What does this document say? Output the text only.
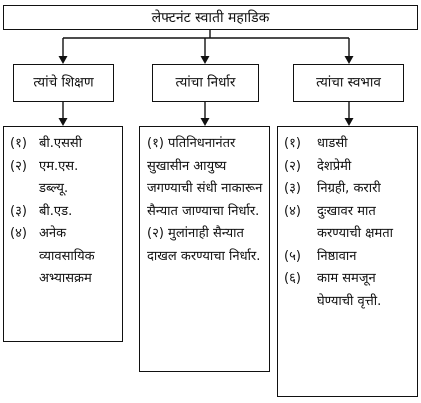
लेफ्टनंट स्वाती महाडिक
त्यांचे शिक्षण	त्यांचा निर्धार	त्यांचा स्वभाव
(१) बी.एससी
(२) एम.एस. डब्ल्यू.
(३) बी.एड.
(४) अनेक व्यावसायिक अभ्यासक्रम

(१) पतिनिधनानंतर सुखासीन आयुष्य जगण्याची संधी नाकारून सैन्यात जाण्याचा निर्धार.

(२) मुलांनाही सैन्यात दाखल करण्याचा निर्धार.

(१)	धाडसी
(२)	देशप्रेमी
(३)	निग्रही, करारी
(४)	दुःखावर मात करण्याची क्षमता
(५)	निष्ठावान
(६)	काम समजून घेण्याची वृत्ती.
